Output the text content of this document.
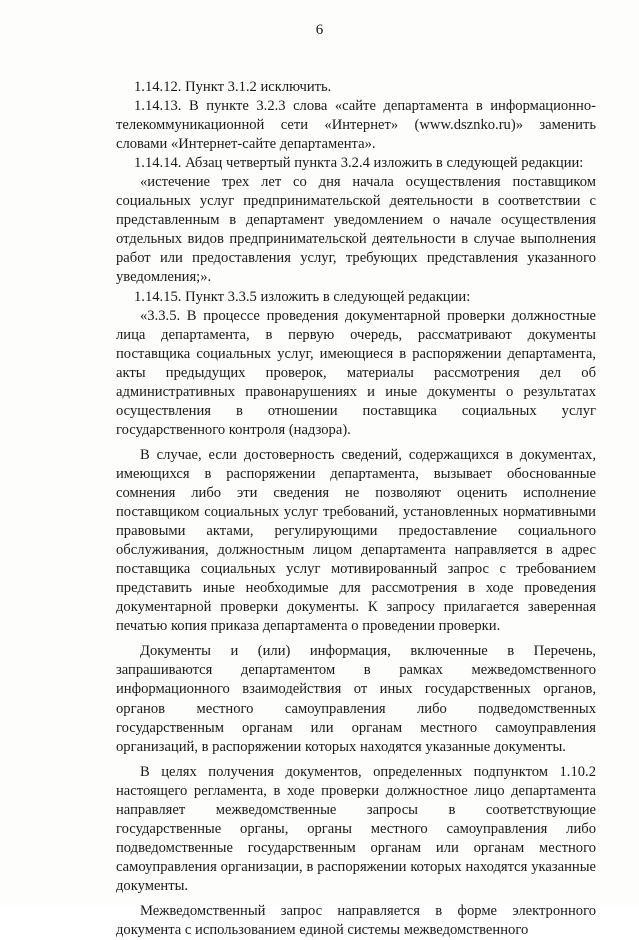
6

1.14.12. Пункт 3.1.2 исключить.

1.14.13. В пункте 3.2.3 слова «сайте департамента в информационно-телекоммуникационной сети «Интернет» (www.dsznko.ru)» заменить словами «Интернет-сайте департамента».

1.14.14. Абзац четвертый пункта 3.2.4 изложить в следующей редакции:

«истечение трех лет со дня начала осуществления поставщиком социальных услуг предпринимательской деятельности в соответствии с представленным в департамент уведомлением о начале осуществления отдельных видов предпринимательской деятельности в случае выполнения работ или предоставления услуг, требующих представления указанного уведомления;».

1.14.15. Пункт 3.3.5 изложить в следующей редакции:

«3.3.5. В процессе проведения документарной проверки должностные лица департамента, в первую очередь, рассматривают документы поставщика социальных услуг, имеющиеся в распоряжении департамента, акты предыдущих проверок, материалы рассмотрения дел об административных правонарушениях и иные документы о результатах осуществления в отношении поставщика социальных услуг государственного контроля (надзора).

В случае, если достоверность сведений, содержащихся в документах, имеющихся в распоряжении департамента, вызывает обоснованные сомнения либо эти сведения не позволяют оценить исполнение поставщиком социальных услуг требований, установленных нормативными правовыми актами, регулирующими предоставление социального обслуживания, должностным лицом департамента направляется в адрес поставщика социальных услуг мотивированный запрос с требованием представить иные необходимые для рассмотрения в ходе проведения документарной проверки документы. К запросу прилагается заверенная печатью копия приказа департамента о проведении проверки.

Документы и (или) информация, включенные в Перечень, запрашиваются департаментом в рамках межведомственного информационного взаимодействия от иных государственных органов, органов местного самоуправления либо подведомственных государственным органам или органам местного самоуправления организаций, в распоряжении которых находятся указанные документы.

В целях получения документов, определенных подпунктом 1.10.2 настоящего регламента, в ходе проверки должностное лицо департамента направляет межведомственные запросы в соответствующие государственные органы, органы местного самоуправления либо подведомственные государственным органам или органам местного самоуправления организации, в распоряжении которых находятся указанные документы.

Межведомственный запрос направляется в форме электронного документа с использованием единой системы межведомственного
